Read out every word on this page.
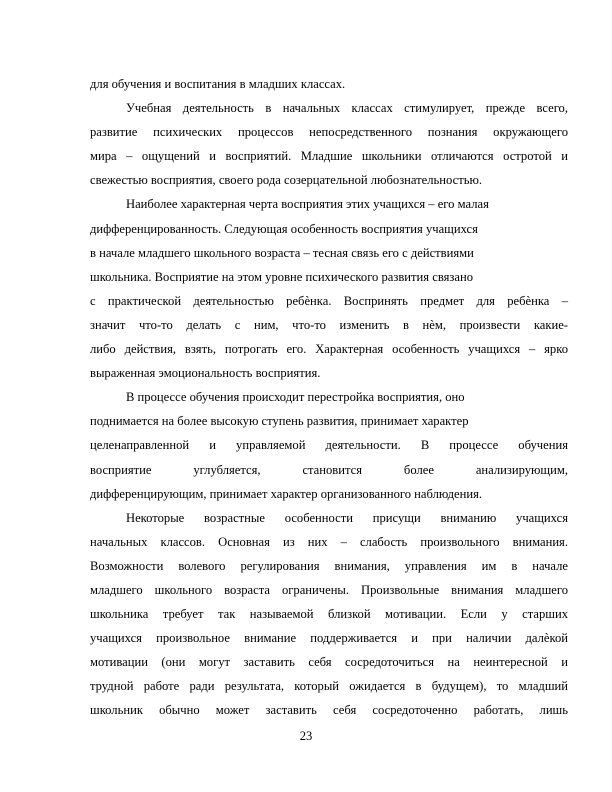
для обучения и воспитания в младших классах.
Учебная деятельность в начальных классах стимулирует, прежде всего,
развитие психических процессов непосредственного познания окружающего
мира – ощущений и восприятий. Младшие школьники отличаются остротой и
свежестью восприятия, своего рода созерцательной любознательностью.
Наиболее характерная черта восприятия этих учащихся – его малая
дифференцированность. Следующая особенность восприятия учащихся
в начале младшего школьного возраста – тесная связь его с действиями
школьника. Восприятие на этом уровне психического развития связано
с практической деятельностью ребѐнка. Воспринять предмет для ребѐнка –
значит что-то делать с ним, что-то изменить в нѐм, произвести какие-
либо действия, взять, потрогать его. Характерная особенность учащихся – ярко
выраженная эмоциональность восприятия.
В процессе обучения происходит перестройка восприятия, оно
поднимается на более высокую ступень развития, принимает характер
целенаправленной и управляемой деятельности. В процессе обучения
восприятие углубляется, становится более анализирующим,
дифференцирующим, принимает характер организованного наблюдения.
Некоторые возрастные особенности присущи вниманию учащихся
начальных классов. Основная из них – слабость произвольного внимания.
Возможности волевого регулирования внимания, управления им в начале
младшего школьного возраста ограничены. Произвольные внимания младшего
школьника требует так называемой близкой мотивации. Если у старших
учащихся произвольное внимание поддерживается и при наличии далѐкой
мотивации (они могут заставить себя сосредоточиться на неинтересной и
трудной работе ради результата, который ожидается в будущем), то младший
школьник обычно может заставить себя сосредоточенно работать, лишь
23
